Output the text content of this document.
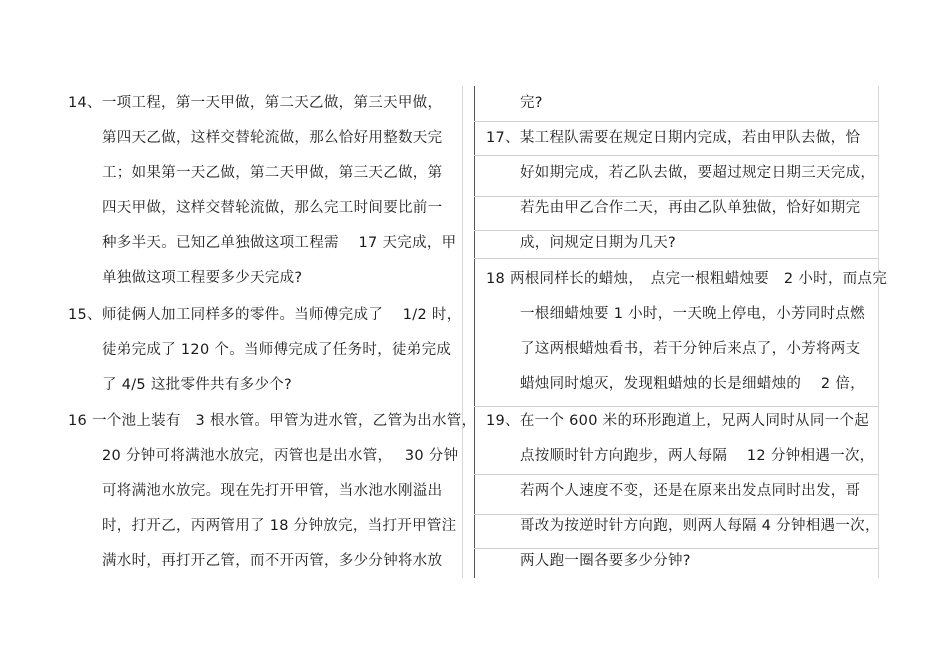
14、一项工程，第一天甲做，第二天乙做，第三天甲做，
第四天乙做，这样交替轮流做，那么恰好用整数天完
工；如果第一天乙做，第二天甲做，第三天乙做，第
四天甲做，这样交替轮流做，那么完工时间要比前一
种多半天。已知乙单独做这项工程需　 17 天完成，甲
单独做这项工程要多少天完成?
15、师徒俩人加工同样多的零件。当师傅完成了　 1/2 时，
徒弟完成了 120 个。当师傅完成了任务时，徒弟完成
了 4/5 这批零件共有多少个?
16 一个池上装有　3 根水管。甲管为进水管，乙管为出水管，
20 分钟可将满池水放完，丙管也是出水管，　 30 分钟
可将满池水放完。现在先打开甲管，当水池水刚溢出
时，打开乙，丙两管用了 18 分钟放完，当打开甲管注
满水时，再打开乙管，而不开丙管，多少分钟将水放
完?
17、某工程队需要在规定日期内完成，若由甲队去做，恰
好如期完成，若乙队去做，要超过规定日期三天完成，
若先由甲乙合作二天，再由乙队单独做，恰好如期完
成，问规定日期为几天?
18 两根同样长的蜡烛，　点完一根粗蜡烛要　2 小时，而点完
一根细蜡烛要 1 小时，一天晚上停电，小芳同时点燃
了这两根蜡烛看书，若干分钟后来点了，小芳将两支
蜡烛同时熄灭，发现粗蜡烛的长是细蜡烛的　 2 倍，
19、在一个 600 米的环形跑道上，兄两人同时从同一个起
点按顺时针方向跑步，两人每隔　 12 分钟相遇一次，
若两个人速度不变，还是在原来出发点同时出发，哥
哥改为按逆时针方向跑，则两人每隔 4 分钟相遇一次，
两人跑一圈各要多少分钟?
